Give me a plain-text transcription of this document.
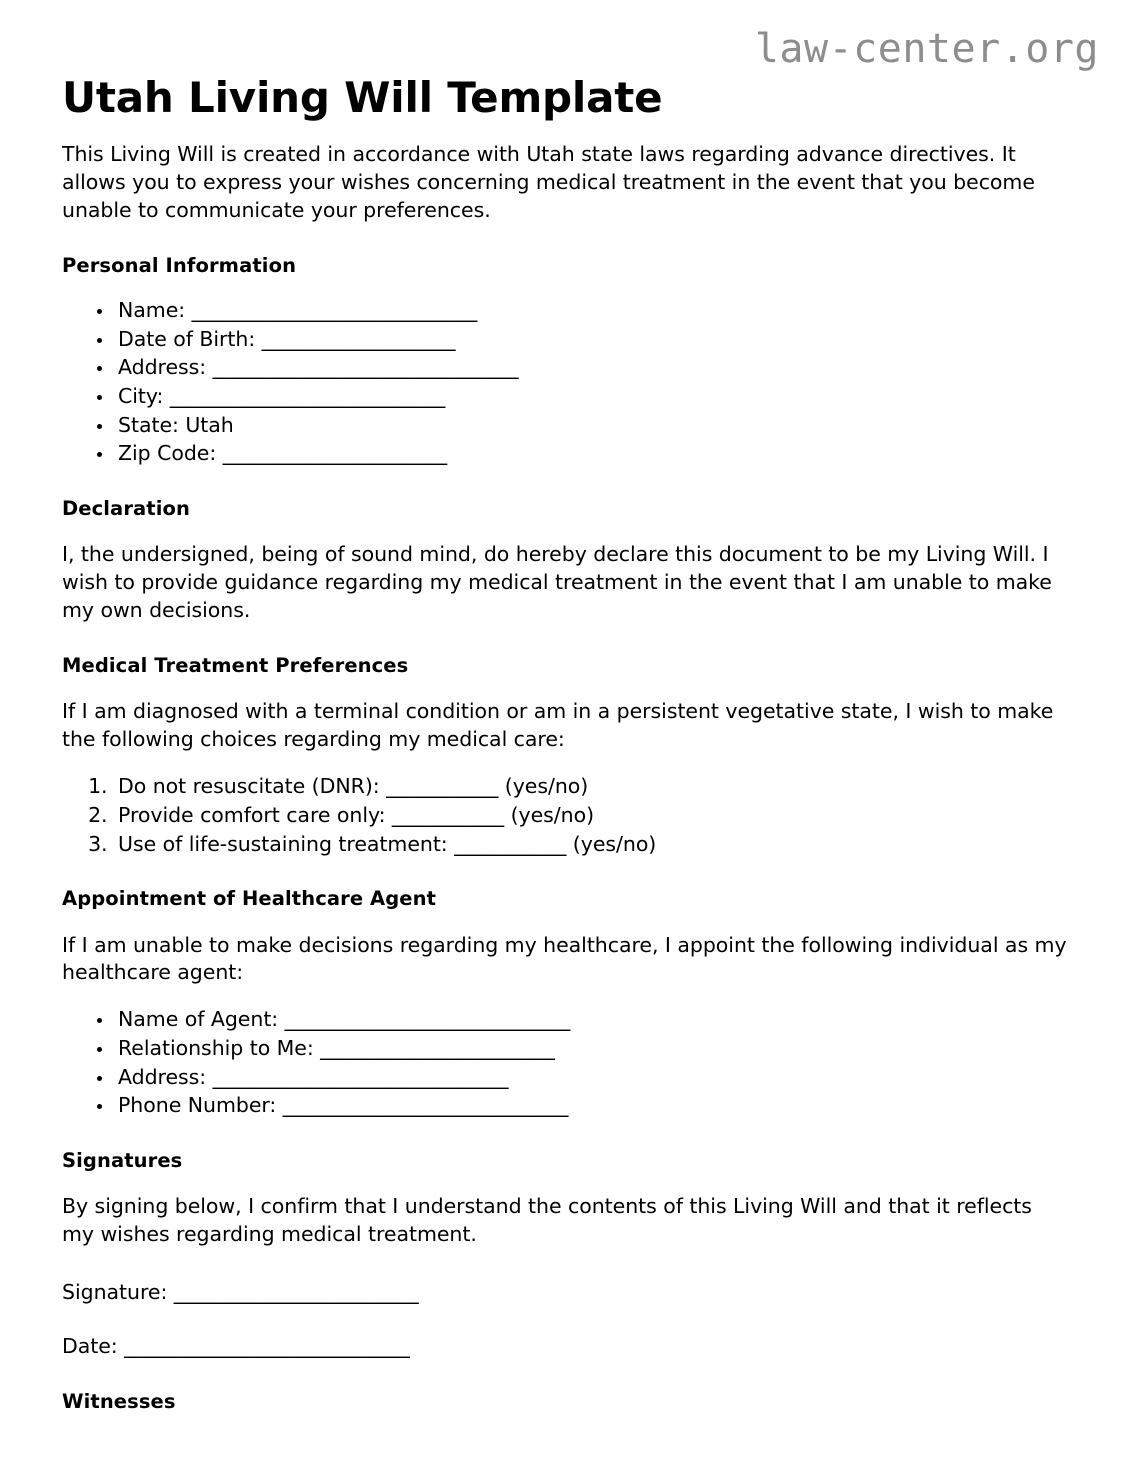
law-center.org
Utah Living Will Template

This Living Will is created in accordance with Utah state laws regarding advance directives. It allows you to express your wishes concerning medical treatment in the event that you become unable to communicate your preferences.

Personal Information
• Name: ____________________________
• Date of Birth: ___________________
• Address: ______________________________
• City: ___________________________
• State: Utah
• Zip Code: ______________________
Declaration

I, the undersigned, being of sound mind, do hereby declare this document to be my Living Will. I wish to provide guidance regarding my medical treatment in the event that I am unable to make my own decisions.

Medical Treatment Preferences

If I am diagnosed with a terminal condition or am in a persistent vegetative state, I wish to make the following choices regarding my medical care:

1. Do not resuscitate (DNR): ___________ (yes/no)
2. Provide comfort care only: ___________ (yes/no)
3. Use of life-sustaining treatment: ___________ (yes/no)
Appointment of Healthcare Agent

If I am unable to make decisions regarding my healthcare, I appoint the following individual as my healthcare agent:

• Name of Agent: ____________________________
• Relationship to Me: _______________________
• Address: _____________________________
• Phone Number: ____________________________
Signatures

By signing below, I confirm that I understand the contents of this Living Will and that it reflects my wishes regarding medical treatment.

Signature: ________________________

Date: ____________________________

Witnesses
